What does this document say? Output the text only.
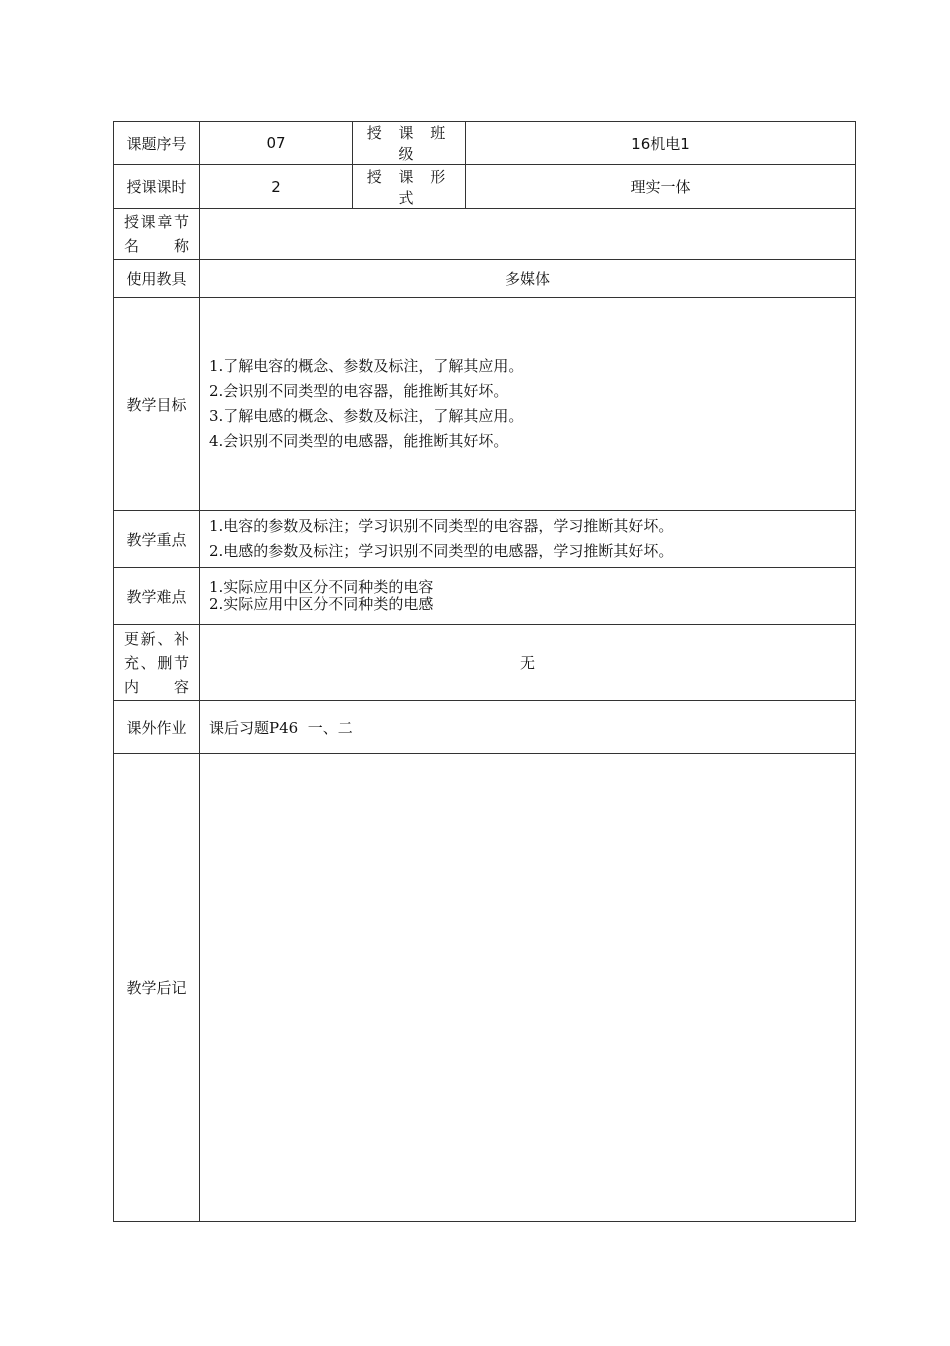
课题序号	07	授 课 班 级	16机电1
授课课时	2	授 课 形 式	理实一体

授课章节
名　　称			

使用教具	多媒体		
教学目标	1.了解电容的概念、参数及标注，了解其应用。
2.会识别不同类型的电容器，能推断其好坏。
3.了解电感的概念、参数及标注，了解其应用。
4.会识别不同类型的电感器，能推断其好坏。		

教学重点	1.电容的参数及标注；学习识别不同类型的电容器，学习推断其好坏。
2.电感的参数及标注；学习识别不同类型的电感器，学习推断其好坏。		

教学难点	1.实际应用中区分不同种类的电容
2.实际应用中区分不同种类的电感		

更新、补
充、删节
内　　容	无		
课外作业	课后习题P46  一、二		
教学后记			
